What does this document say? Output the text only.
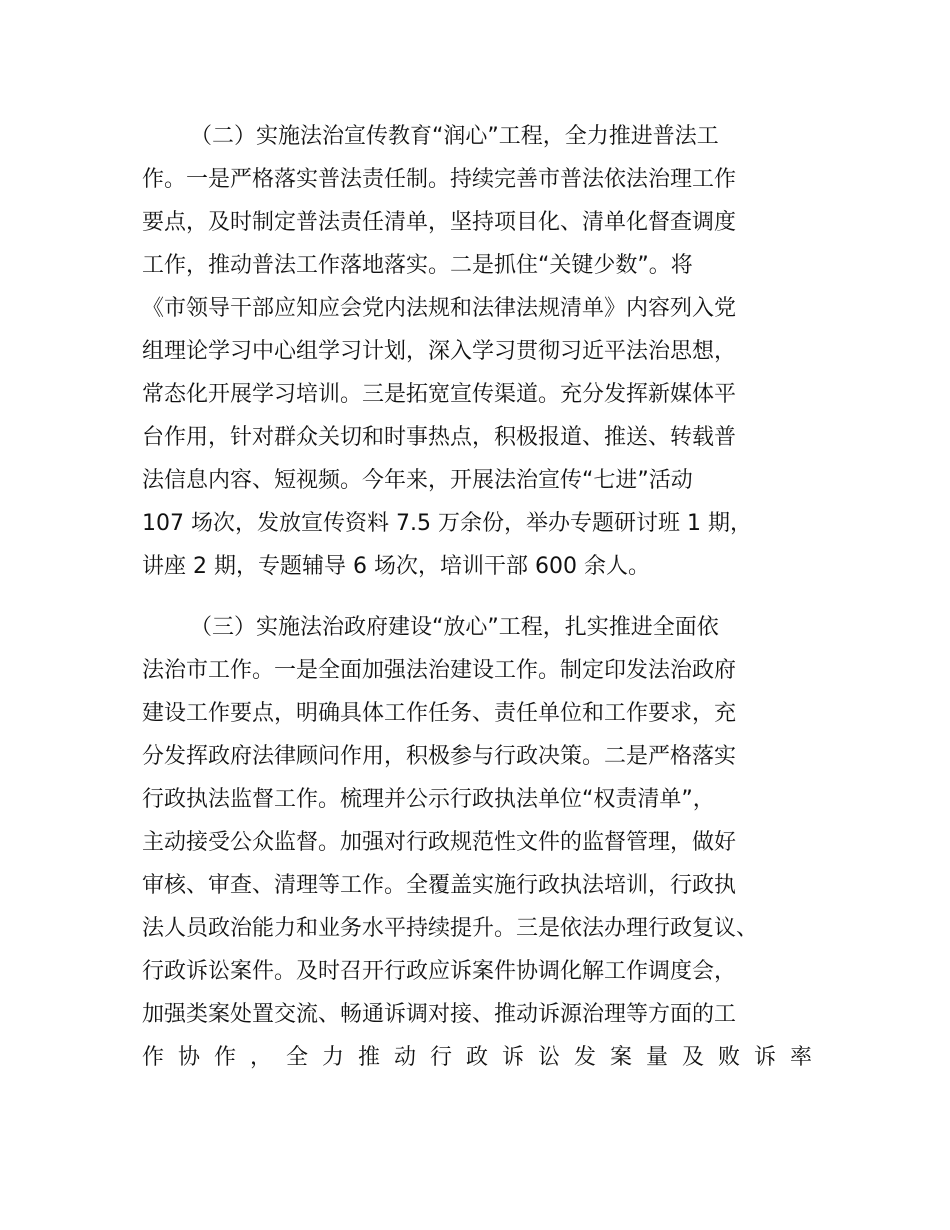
（二）实施法治宣传教育“润心”工程，全力推进普法工
作。一是严格落实普法责任制。持续完善市普法依法治理工作
要点，及时制定普法责任清单，坚持项目化、清单化督查调度
工作，推动普法工作落地落实。二是抓住“关键少数”。将
《市领导干部应知应会党内法规和法律法规清单》内容列入党
组理论学习中心组学习计划，深入学习贯彻习近平法治思想，
常态化开展学习培训。三是拓宽宣传渠道。充分发挥新媒体平
台作用，针对群众关切和时事热点，积极报道、推送、转载普
法信息内容、短视频。今年来，开展法治宣传“七进”活动
107 场次，发放宣传资料 7.5 万余份，举办专题研讨班 1 期，
讲座 2 期，专题辅导 6 场次，培训干部 600 余人。
（三）实施法治政府建设“放心”工程，扎实推进全面依
法治市工作。一是全面加强法治建设工作。制定印发法治政府
建设工作要点，明确具体工作任务、责任单位和工作要求，充
分发挥政府法律顾问作用，积极参与行政决策。二是严格落实
行政执法监督工作。梳理并公示行政执法单位“权责清单”，
主动接受公众监督。加强对行政规范性文件的监督管理，做好
审核、审查、清理等工作。全覆盖实施行政执法培训，行政执
法人员政治能力和业务水平持续提升。三是依法办理行政复议、
行政诉讼案件。及时召开行政应诉案件协调化解工作调度会，
加强类案处置交流、畅通诉调对接、推动诉源治理等方面的工
作协作，全力推动行政诉讼发案量及败诉率
